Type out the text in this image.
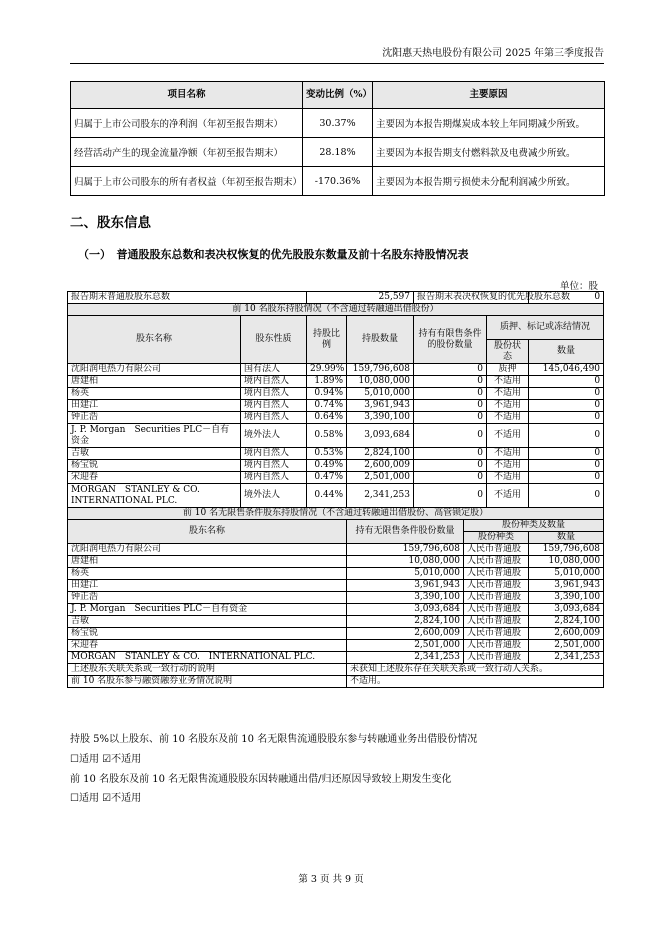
沈阳惠天热电股份有限公司 2025 年第三季度报告
项目名称	变动比例（%）	主要原因
归属于上市公司股东的净利润（年初至报告期末）	30.37%	主要因为本报告期煤炭成本较上年同期减少所致。
经营活动产生的现金流量净额（年初至报告期末）	28.18%	主要因为本报告期支付燃料款及电费减少所致。
归属于上市公司股东的所有者权益（年初至报告期末）	-170.36%	主要因为本报告期亏损使未分配利润减少所致。
二、股东信息
（一）　普通股股东总数和表决权恢复的优先股股东数量及前十名股东持股情况表
单位：股
报告期末普通股股东总数		25,597		报告期末表决权恢复的优先股股东总数			0
前 10 名股东持股情况（不含通过转融通出借股份）							
股东名称	股东性质	持股比例	持股数量	持有有限售条件的股份数量		质押、标记或冻结情况	
						股份状态	数量
沈阳润电热力有限公司	国有法人	29.99%	159,796,608	0		质押	145,046,490
唐建柏	境内自然人	1.89%	10,080,000	0		不适用	0
杨英	境内自然人	0.94%	5,010,000	0		不适用	0
田建江	境内自然人	0.74%	3,961,943	0		不适用	0
钟正浩	境内自然人	0.64%	3,390,100	0		不适用	0
J. P. Morgan　Securities PLC－自有资金	境外法人	0.58%	3,093,684	0		不适用	0
吉敏	境内自然人	0.53%	2,824,100	0		不适用	0
杨宝锐	境内自然人	0.49%	2,600,009	0		不适用	0
宋迎春	境内自然人	0.47%	2,501,000	0		不适用	0
MORGAN　STANLEY & CO. INTERNATIONAL PLC.	境外法人	0.44%	2,341,253	0		不适用	0
前 10 名无限售条件股东持股情况（不含通过转融通出借股份、高管锁定股）							
股东名称			持有无限售条件股份数量		股份种类及数量		
					股份种类		数量
沈阳润电热力有限公司			159,796,608		人民币普通股		159,796,608
唐建柏			10,080,000		人民币普通股		10,080,000
杨英			5,010,000		人民币普通股		5,010,000
田建江			3,961,943		人民币普通股		3,961,943
钟正浩			3,390,100		人民币普通股		3,390,100
J. P. Morgan　Securities PLC－自有资金			3,093,684		人民币普通股		3,093,684
吉敏			2,824,100		人民币普通股		2,824,100
杨宝锐			2,600,009		人民币普通股		2,600,009
宋迎春			2,501,000		人民币普通股		2,501,000
MORGAN　STANLEY & CO.　INTERNATIONAL PLC.			2,341,253		人民币普通股		2,341,253
上述股东关联关系或一致行动的说明			未获知上述股东存在关联关系或一致行动人关系。				
前 10 名股东参与融资融券业务情况说明			不适用。				
持股 5%以上股东、前 10 名股东及前 10 名无限售流通股股东参与转融通业务出借股份情况
☐适用 ☑不适用
前 10 名股东及前 10 名无限售流通股股东因转融通出借/归还原因导致较上期发生变化
☐适用 ☑不适用
第 3 页 共 9 页
